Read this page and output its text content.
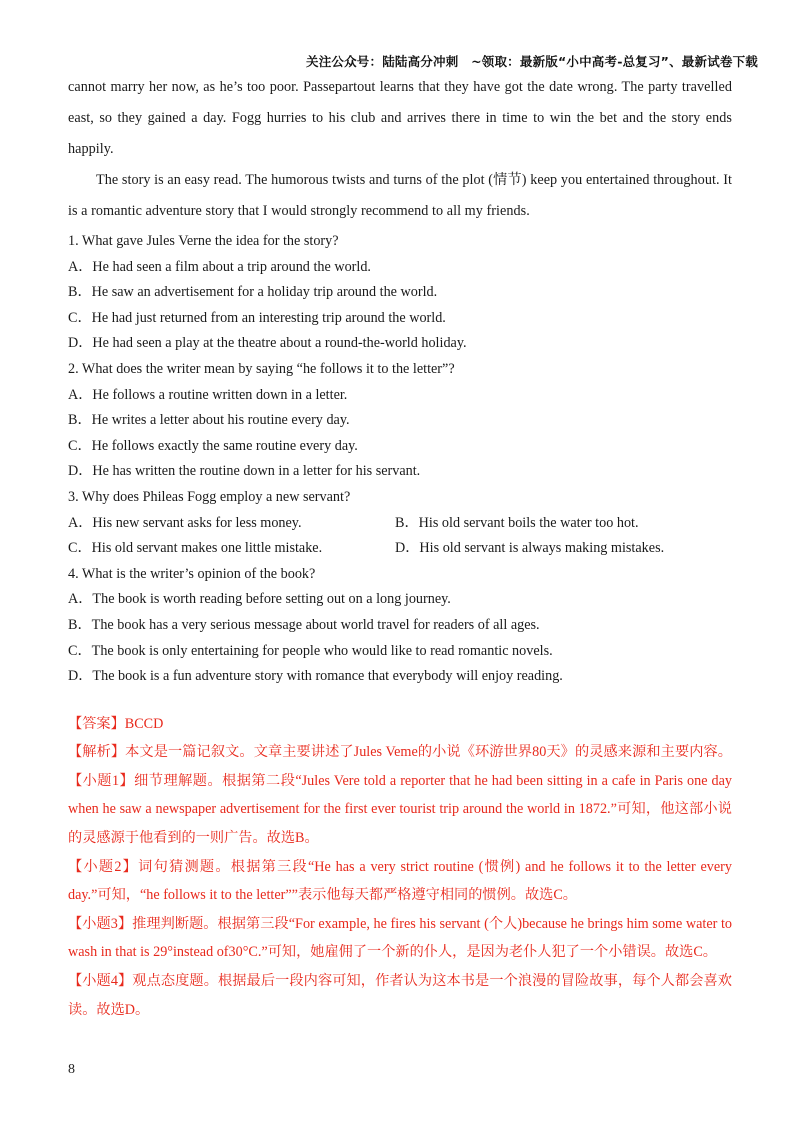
关注公众号：陆陆高分冲刺　~领取：最新版“小中高考-总复习”、最新试卷下载

cannot marry her now, as he’s too poor. Passepartout learns that they have got the date wrong. The party travelled east, so they gained a day. Fogg hurries to his club and arrives there in time to win the bet and the story ends happily.

The story is an easy read. The humorous twists and turns of the plot (情节) keep you entertained throughout. It is a romantic adventure story that I would strongly recommend to all my friends.

1. What gave Jules Verne the idea for the story?

A．He had seen a film about a trip around the world.

B．He saw an advertisement for a holiday trip around the world.

C．He had just returned from an interesting trip around the world.

D．He had seen a play at the theatre about a round-the-world holiday.

2. What does the writer mean by saying “he follows it to the letter”?

A．He follows a routine written down in a letter.

B．He writes a letter about his routine every day.

C．He follows exactly the same routine every day.

D．He has written the routine down in a letter for his servant.

3. Why does Phileas Fogg employ a new servant?

A．His new servant asks for less money.	B．His old servant boils the water too hot.
C．His old servant makes one little mistake.	D．His old servant is always making mistakes.

4. What is the writer’s opinion of the book?

A．The book is worth reading before setting out on a long journey.

B．The book has a very serious message about world travel for readers of all ages.

C．The book is only entertaining for people who would like to read romantic novels.

D．The book is a fun adventure story with romance that everybody will enjoy reading.

【答案】BCCD

【解析】本文是一篇记叙文。文章主要讲述了Jules Veme的小说《环游世界80天》的灵感来源和主要内容。【小题1】细节理解题。根据第二段“Jules Vere told a reporter that he had been sitting in a cafe in Paris one day when he saw a newspaper advertisement for the first ever tourist trip around the world in 1872.”可知，他这部小说的灵感源于他看到的一则广告。故选B。

【小题2】词句猜测题。根据第三段“He has a very strict routine (惯例) and he follows it to the letter every day.”可知，“he follows it to the letter””表示他每天都严格遵守相同的惯例。故选C。

【小题3】推理判断题。根据第三段“For example, he fires his servant (个人)because he brings him some water to wash in that is 29°instead of30°C.”可知，她雇佣了一个新的仆人，是因为老仆人犯了一个小错误。故选C。

【小题4】观点态度题。根据最后一段内容可知，作者认为这本书是一个浪漫的冒险故事，每个人都会喜欢读。故选D。

8
